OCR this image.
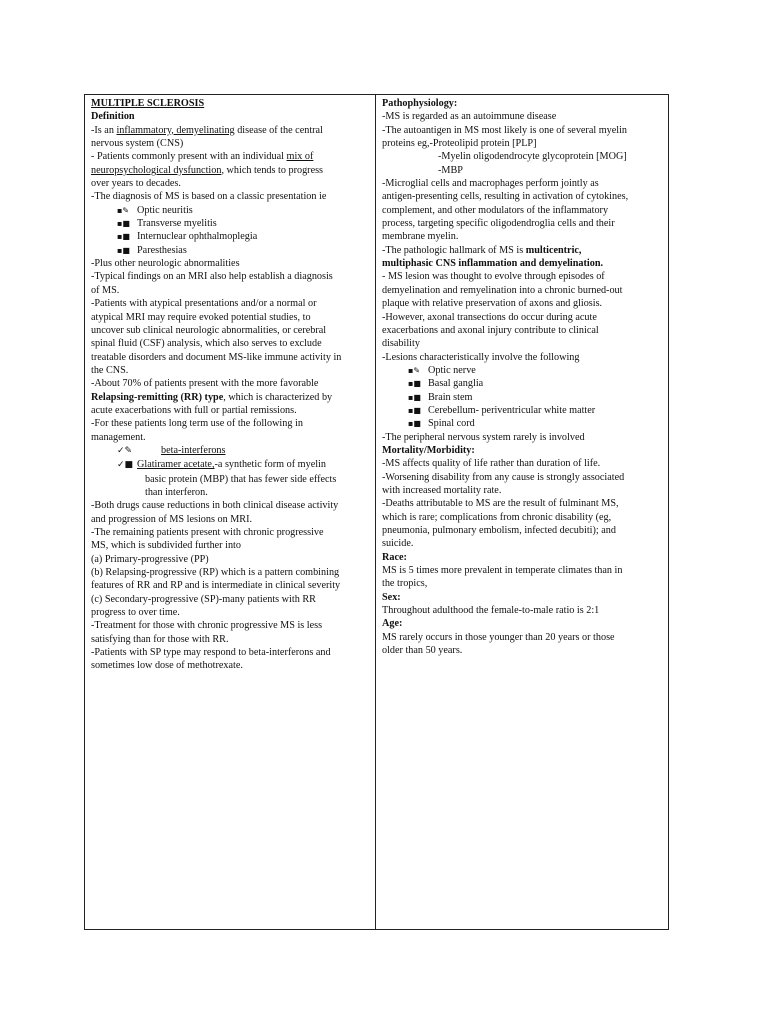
MULTIPLE SCLEROSIS
Definition
-Is an inflammatory, demyelinating disease of the central
nervous system (CNS)
- Patients commonly present with an individual mix of
neuropsychological dysfunction, which tends to progress
over years to decades.
-The diagnosis of MS is based on a classic presentation ie
▪✎ Optic neuritis
▪■ Transverse myelitis
▪■ Internuclear ophthalmoplegia
▪■ Paresthesias
-Plus other neurologic abnormalities
-Typical findings on an MRI also help establish a diagnosis
of MS.
-Patients with atypical presentations and/or a normal or
atypical MRI may require evoked potential studies, to
uncover sub clinical neurologic abnormalities, or cerebral
spinal fluid (CSF) analysis, which also serves to exclude
treatable disorders and document MS-like immune activity in
the CNS.
-About 70% of patients present with the more favorable
Relapsing-remitting (RR) type, which is characterized by
acute exacerbations with full or partial remissions.
-For these patients long term use of the following in
management.
✓✎	beta-interferons
✓■ Glatiramer acetate,-a synthetic form of myelin
basic protein (MBP) that has fewer side effects
than interferon.
-Both drugs cause reductions in both clinical disease activity
and progression of MS lesions on MRI.
-The remaining patients present with chronic progressive
MS, which is subdivided further into
(a) Primary-progressive (PP)
(b) Relapsing-progressive (RP) which is a pattern combining
features of RR and RP and is intermediate in clinical severity
(c) Secondary-progressive (SP)-many patients with RR
progress to over time.
-Treatment for those with chronic progressive MS is less
satisfying than for those with RR.
-Patients with SP type may respond to beta-interferons and
sometimes low dose of methotrexate.
Pathophysiology:
-MS is regarded as an autoimmune disease
-The autoantigen in MS most likely is one of several myelin
proteins eg,-Proteolipid protein [PLP]
-Myelin oligodendrocyte glycoprotein [MOG]
-MBP
-Microglial cells and macrophages perform jointly as
antigen-presenting cells, resulting in activation of cytokines,
complement, and other modulators of the inflammatory
process, targeting specific oligodendroglia cells and their
membrane myelin.
-The pathologic hallmark of MS is multicentric,
multiphasic CNS inflammation and demyelination.
- MS lesion was thought to evolve through episodes of
demyelination and remyelination into a chronic burned-out
plaque with relative preservation of axons and gliosis.
-However, axonal transections do occur during acute
exacerbations and axonal injury contribute to clinical
disability
-Lesions characteristically involve the following
▪✎ Optic nerve
▪■ Basal ganglia
▪■ Brain stem
▪■ Cerebellum- periventricular white matter
▪■ Spinal cord
-The peripheral nervous system rarely is involved
Mortality/Morbidity:
-MS affects quality of life rather than duration of life.
-Worsening disability from any cause is strongly associated
with increased mortality rate.
-Deaths attributable to MS are the result of fulminant MS,
which is rare; complications from chronic disability (eg,
pneumonia, pulmonary embolism, infected decubiti); and
suicide.
Race:
MS is 5 times more prevalent in temperate climates than in
the tropics,
Sex:
Throughout adulthood the female-to-male ratio is 2:1
Age:
MS rarely occurs in those younger than 20 years or those
older than 50 years.
